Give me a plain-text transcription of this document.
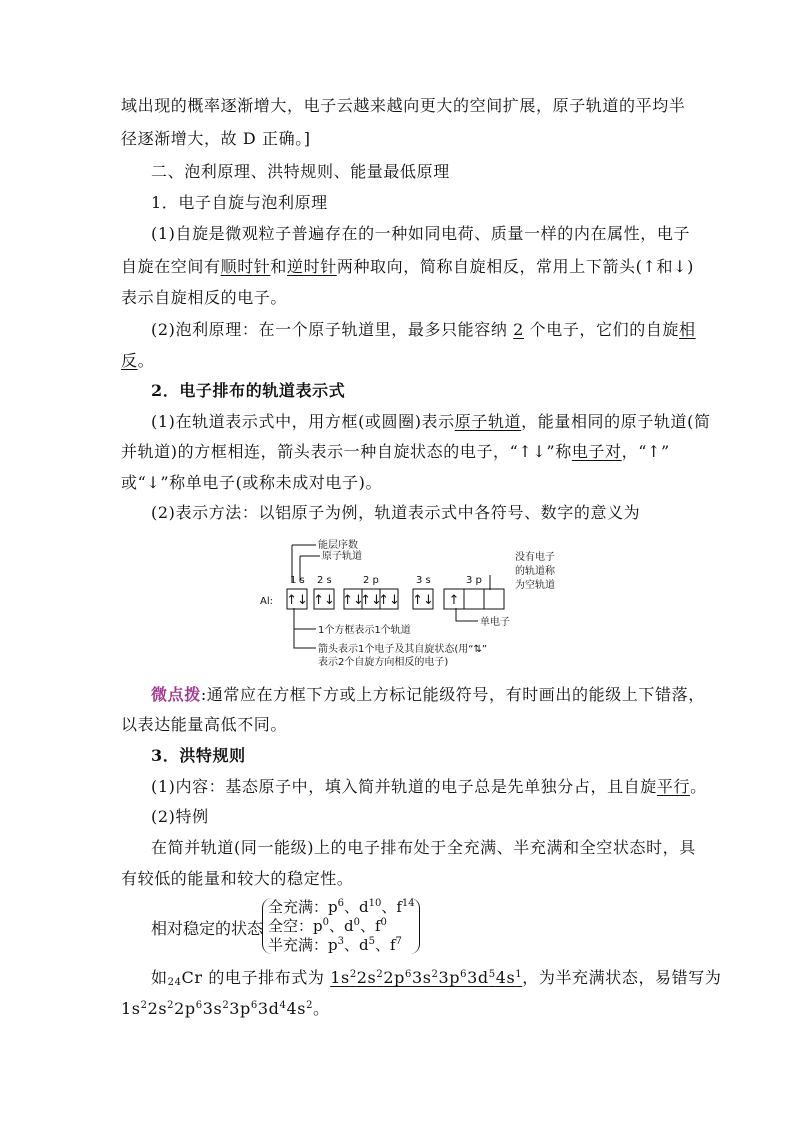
域出现的概率逐渐增大，电子云越来越向更大的空间扩展，原子轨道的平均半
径逐渐增大，故 D 正确。]
二、泡利原理、洪特规则、能量最低原理
1．电子自旋与泡利原理
(1)自旋是微观粒子普遍存在的一种如同电荷、质量一样的内在属性，电子
自旋在空间有顺时针和逆时针两种取向，简称自旋相反，常用上下箭头(↑和↓)
表示自旋相反的电子。
(2)泡利原理：在一个原子轨道里，最多只能容纳 2 个电子，它们的自旋相
反。
2．电子排布的轨道表示式
(1)在轨道表示式中，用方框(或圆圈)表示原子轨道，能量相同的原子轨道(简
并轨道)的方框相连，箭头表示一种自旋状态的电子，“↑↓”称电子对，“↑”
或“↓”称单电子(或称未成对电子)。
(2)表示方法：以铝原子为例，轨道表示式中各符号、数字的意义为
↑↓ ↑↓ ↑↓
↑↓
↑↓ ↑↓ ↑
Al:
1 s 2 s	2 p	3 s	3 p
能层序数
原子轨道	没有电子
的轨道称
为空轨道
单电子
1个方框表示1个轨道
箭头表示1个电子及其自旋状态(用“⇅”
表示2个自旋方向相反的电子)
微点拨:通常应在方框下方或上方标记能级符号，有时画出的能级上下错落，
以表达能量高低不同。
3．洪特规则
(1)内容：基态原子中，填入简并轨道的电子总是先单独分占，且自旋平行。
(2)特例
在简并轨道(同一能级)上的电子排布处于全充满、半充满和全空状态时，具
有较低的能量和较大的稳定性。
相对稳定的状态
全充满：$p^6$、$d^{10}$、$f^{14}$
全空：$p^0$、$d^0$、$f^0$
半充满：$p^3$、$d^5$、$f^7$
如$_{24}$Cr 的电子排布式为 $1s^22s^22p^63s^23p^63d^54s^1$，为半充满状态，易错写为
$1s^22s^22p^63s^23p^63d^44s^2$。
